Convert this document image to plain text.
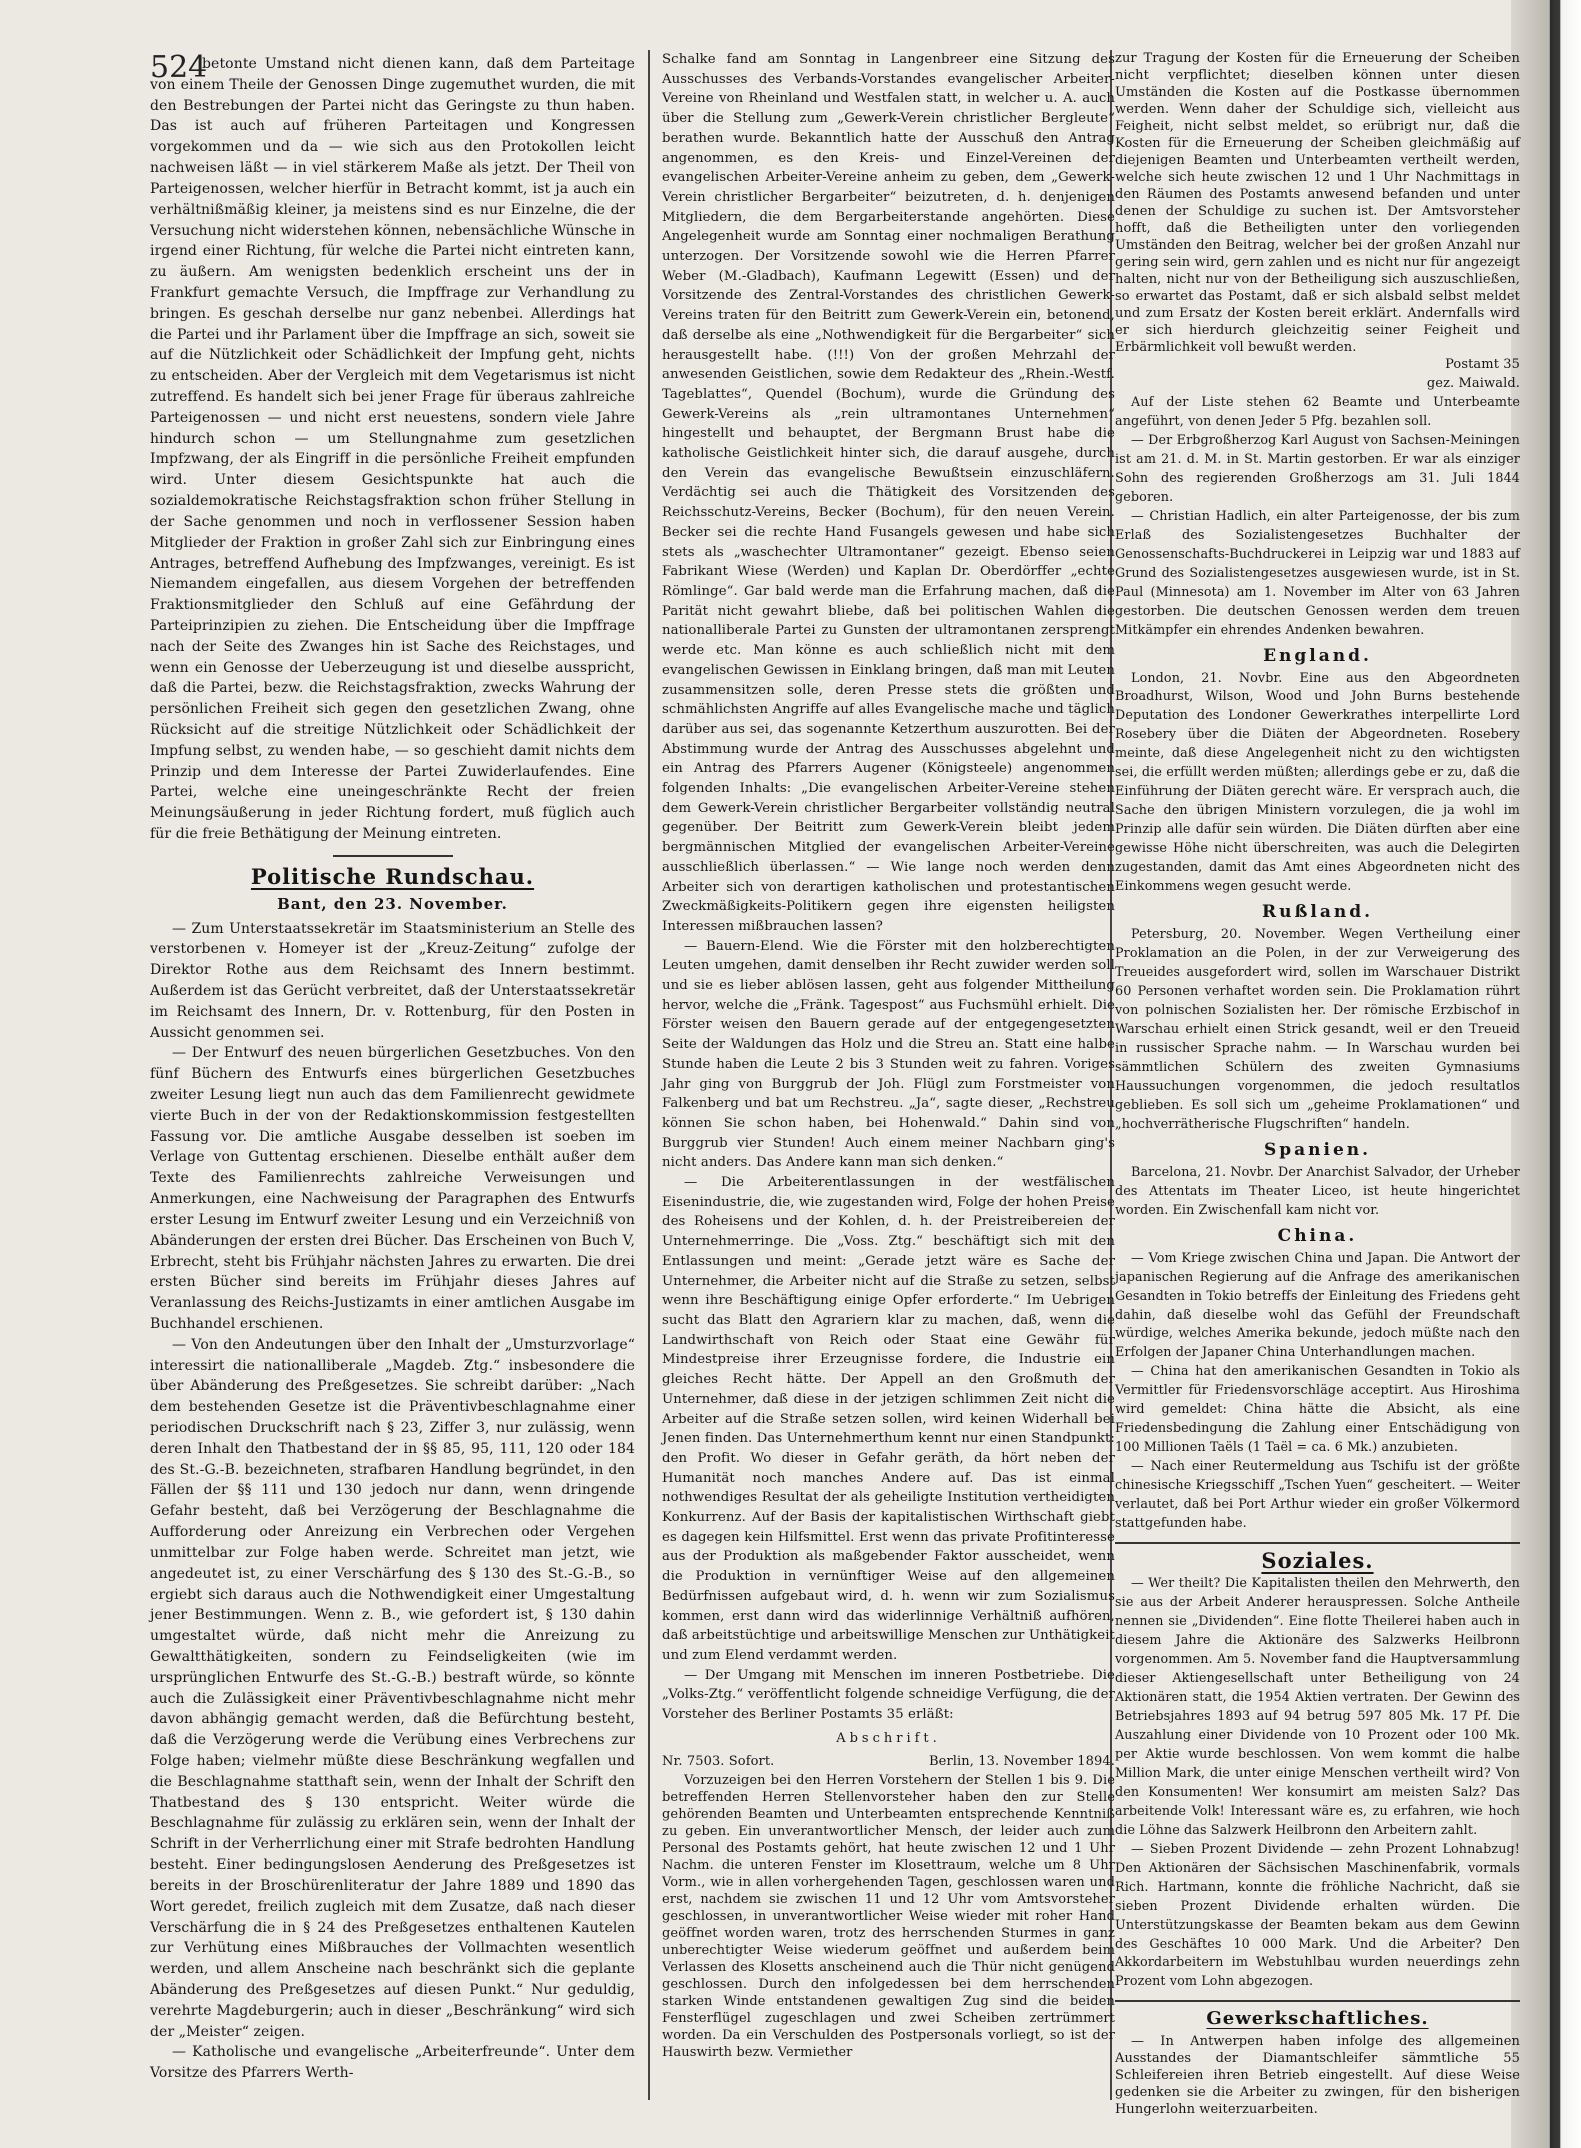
524

betonte Umstand nicht dienen kann, daß dem Parteitage von einem Theile der Genossen Dinge zugemuthet wurden, die mit den Bestrebungen der Partei nicht das Geringste zu thun haben. Das ist auch auf früheren Parteitagen und Kongressen vorgekommen und da — wie sich aus den Protokollen leicht nachweisen läßt — in viel stärkerem Maße als jetzt. Der Theil von Parteigenossen, welcher hierfür in Betracht kommt, ist ja auch ein verhältnißmäßig kleiner, ja meistens sind es nur Einzelne, die der Versuchung nicht widerstehen können, nebensächliche Wünsche in irgend einer Richtung, für welche die Partei nicht eintreten kann, zu äußern. Am wenigsten bedenklich erscheint uns der in Frankfurt gemachte Versuch, die Impffrage zur Verhandlung zu bringen. Es geschah derselbe nur ganz nebenbei. Allerdings hat die Partei und ihr Parlament über die Impffrage an sich, soweit sie auf die Nützlichkeit oder Schädlichkeit der Impfung geht, nichts zu entscheiden. Aber der Vergleich mit dem Vegetarismus ist nicht zutreffend. Es handelt sich bei jener Frage für überaus zahlreiche Parteigenossen — und nicht erst neuestens, sondern viele Jahre hindurch schon — um Stellungnahme zum gesetzlichen Impfzwang, der als Eingriff in die persönliche Freiheit empfunden wird. Unter diesem Gesichtspunkte hat auch die sozialdemokratische Reichstagsfraktion schon früher Stellung in der Sache genommen und noch in verflossener Session haben Mitglieder der Fraktion in großer Zahl sich zur Einbringung eines Antrages, betreffend Aufhebung des Impfzwanges, vereinigt. Es ist Niemandem eingefallen, aus diesem Vorgehen der betreffenden Fraktionsmitglieder den Schluß auf eine Gefährdung der Parteiprinzipien zu ziehen. Die Entscheidung über die Impffrage nach der Seite des Zwanges hin ist Sache des Reichstages, und wenn ein Genosse der Ueberzeugung ist und dieselbe ausspricht, daß die Partei, bezw. die Reichstagsfraktion, zwecks Wahrung der persönlichen Freiheit sich gegen den gesetzlichen Zwang, ohne Rücksicht auf die streitige Nützlichkeit oder Schädlichkeit der Impfung selbst, zu wenden habe, — so geschieht damit nichts dem Prinzip und dem Interesse der Partei Zuwiderlaufendes. Eine Partei, welche eine uneingeschränkte Recht der freien Meinungsäußerung in jeder Richtung fordert, muß füglich auch für die freie Bethätigung der Meinung eintreten.

Politische Rundschau.
Bant, den 23. November.

— Zum Unterstaatssekretär im Staatsministerium an Stelle des verstorbenen v. Homeyer ist der „Kreuz-Zeitung“ zufolge der Direktor Rothe aus dem Reichsamt des Innern bestimmt. Außerdem ist das Gerücht verbreitet, daß der Unterstaatssekretär im Reichsamt des Innern, Dr. v. Rottenburg, für den Posten in Aussicht genommen sei.

— Der Entwurf des neuen bürgerlichen Gesetzbuches. Von den fünf Büchern des Entwurfs eines bürgerlichen Gesetzbuches zweiter Lesung liegt nun auch das dem Familienrecht gewidmete vierte Buch in der von der Redaktionskommission festgestellten Fassung vor. Die amtliche Ausgabe desselben ist soeben im Verlage von Guttentag erschienen. Dieselbe enthält außer dem Texte des Familienrechts zahlreiche Verweisungen und Anmerkungen, eine Nachweisung der Paragraphen des Entwurfs erster Lesung im Entwurf zweiter Lesung und ein Verzeichniß von Abänderungen der ersten drei Bücher. Das Erscheinen von Buch V, Erbrecht, steht bis Frühjahr nächsten Jahres zu erwarten. Die drei ersten Bücher sind bereits im Frühjahr dieses Jahres auf Veranlassung des Reichs-Justizamts in einer amtlichen Ausgabe im Buchhandel erschienen.

— Von den Andeutungen über den Inhalt der „Umsturzvorlage“ interessirt die nationalliberale „Magdeb. Ztg.“ insbesondere die über Abänderung des Preßgesetzes. Sie schreibt darüber: „Nach dem bestehenden Gesetze ist die Präventivbeschlagnahme einer periodischen Druckschrift nach § 23, Ziffer 3, nur zulässig, wenn deren Inhalt den Thatbestand der in §§ 85, 95, 111, 120 oder 184 des St.-G.-B. bezeichneten, strafbaren Handlung begründet, in den Fällen der §§ 111 und 130 jedoch nur dann, wenn dringende Gefahr besteht, daß bei Verzögerung der Beschlagnahme die Aufforderung oder Anreizung ein Verbrechen oder Vergehen unmittelbar zur Folge haben werde. Schreitet man jetzt, wie angedeutet ist, zu einer Verschärfung des § 130 des St.-G.-B., so ergiebt sich daraus auch die Nothwendigkeit einer Umgestaltung jener Bestimmungen. Wenn z. B., wie gefordert ist, § 130 dahin umgestaltet würde, daß nicht mehr die Anreizung zu Gewaltthätigkeiten, sondern zu Feindseligkeiten (wie im ursprünglichen Entwurfe des St.-G.-B.) bestraft würde, so könnte auch die Zulässigkeit einer Präventivbeschlagnahme nicht mehr davon abhängig gemacht werden, daß die Befürchtung besteht, daß die Verzögerung werde die Verübung eines Verbrechens zur Folge haben; vielmehr müßte diese Beschränkung wegfallen und die Beschlagnahme statthaft sein, wenn der Inhalt der Schrift den Thatbestand des § 130 entspricht. Weiter würde die Beschlagnahme für zulässig zu erklären sein, wenn der Inhalt der Schrift in der Verherrlichung einer mit Strafe bedrohten Handlung besteht. Einer bedingungslosen Aenderung des Preßgesetzes ist bereits in der Broschürenliteratur der Jahre 1889 und 1890 das Wort geredet, freilich zugleich mit dem Zusatze, daß nach dieser Verschärfung die in § 24 des Preßgesetzes enthaltenen Kautelen zur Verhütung eines Mißbrauches der Vollmachten wesentlich werden, und allem Anscheine nach beschränkt sich die geplante Abänderung des Preßgesetzes auf diesen Punkt.“ Nur geduldig, verehrte Magdeburgerin; auch in dieser „Beschränkung“ wird sich der „Meister“ zeigen.

— Katholische und evangelische „Arbeiterfreunde“. Unter dem Vorsitze des Pfarrers Werth-

Schalke fand am Sonntag in Langenbreer eine Sitzung des Ausschusses des Verbands-Vorstandes evangelischer Arbeiter-Vereine von Rheinland und Westfalen statt, in welcher u. A. auch über die Stellung zum „Gewerk-Verein christlicher Bergleute“ berathen wurde. Bekanntlich hatte der Ausschuß den Antrag angenommen, es den Kreis- und Einzel-Vereinen der evangelischen Arbeiter-Vereine anheim zu geben, dem „Gewerk-Verein christlicher Bergarbeiter“ beizutreten, d. h. denjenigen Mitgliedern, die dem Bergarbeiterstande angehörten. Diese Angelegenheit wurde am Sonntag einer nochmaligen Berathung unterzogen. Der Vorsitzende sowohl wie die Herren Pfarrer Weber (M.-Gladbach), Kaufmann Legewitt (Essen) und der Vorsitzende des Zentral-Vorstandes des christlichen Gewerk-Vereins traten für den Beitritt zum Gewerk-Verein ein, betonend, daß derselbe als eine „Nothwendigkeit für die Bergarbeiter“ sich herausgestellt habe. (!!!) Von der großen Mehrzahl der anwesenden Geistlichen, sowie dem Redakteur des „Rhein.-Westf. Tageblattes“, Quendel (Bochum), wurde die Gründung des Gewerk-Vereins als „rein ultramontanes Unternehmen“ hingestellt und behauptet, der Bergmann Brust habe die katholische Geistlichkeit hinter sich, die darauf ausgehe, durch den Verein das evangelische Bewußtsein einzuschläfern. Verdächtig sei auch die Thätigkeit des Vorsitzenden des Reichsschutz-Vereins, Becker (Bochum), für den neuen Verein. Becker sei die rechte Hand Fusangels gewesen und habe sich stets als „waschechter Ultramontaner“ gezeigt. Ebenso seien Fabrikant Wiese (Werden) und Kaplan Dr. Oberdörffer „echte Römlinge“. Gar bald werde man die Erfahrung machen, daß die Parität nicht gewahrt bliebe, daß bei politischen Wahlen die nationalliberale Partei zu Gunsten der ultramontanen zersprengt werde etc. Man könne es auch schließlich nicht mit dem evangelischen Gewissen in Einklang bringen, daß man mit Leuten zusammensitzen solle, deren Presse stets die größten und schmählichsten Angriffe auf alles Evangelische mache und täglich darüber aus sei, das sogenannte Ketzerthum auszurotten. Bei der Abstimmung wurde der Antrag des Ausschusses abgelehnt und ein Antrag des Pfarrers Augener (Königsteele) angenommen folgenden Inhalts: „Die evangelischen Arbeiter-Vereine stehen dem Gewerk-Verein christlicher Bergarbeiter vollständig neutral gegenüber. Der Beitritt zum Gewerk-Verein bleibt jedem bergmännischen Mitglied der evangelischen Arbeiter-Vereine ausschließlich überlassen.“ — Wie lange noch werden denn Arbeiter sich von derartigen katholischen und protestantischen Zweckmäßigkeits-Politikern gegen ihre eigensten heiligsten Interessen mißbrauchen lassen?

— Bauern-Elend. Wie die Förster mit den holzberechtigten Leuten umgehen, damit denselben ihr Recht zuwider werden soll und sie es lieber ablösen lassen, geht aus folgender Mittheilung hervor, welche die „Fränk. Tagespost“ aus Fuchsmühl erhielt. Die Förster weisen den Bauern gerade auf der entgegengesetzten Seite der Waldungen das Holz und die Streu an. Statt eine halbe Stunde haben die Leute 2 bis 3 Stunden weit zu fahren. Voriges Jahr ging von Burggrub der Joh. Flügl zum Forstmeister von Falkenberg und bat um Rechstreu. „Ja“, sagte dieser, „Rechstreu können Sie schon haben, bei Hohenwald.“ Dahin sind von Burggrub vier Stunden! Auch einem meiner Nachbarn ging's nicht anders. Das Andere kann man sich denken.“

— Die Arbeiterentlassungen in der westfälischen Eisenindustrie, die, wie zugestanden wird, Folge der hohen Preise des Roheisens und der Kohlen, d. h. der Preistreibereien der Unternehmerringe. Die „Voss. Ztg.“ beschäftigt sich mit den Entlassungen und meint: „Gerade jetzt wäre es Sache der Unternehmer, die Arbeiter nicht auf die Straße zu setzen, selbst wenn ihre Beschäftigung einige Opfer erforderte.“ Im Uebrigen sucht das Blatt den Agrariern klar zu machen, daß, wenn die Landwirthschaft von Reich oder Staat eine Gewähr für Mindestpreise ihrer Erzeugnisse fordere, die Industrie ein gleiches Recht hätte. Der Appell an den Großmuth der Unternehmer, daß diese in der jetzigen schlimmen Zeit nicht die Arbeiter auf die Straße setzen sollen, wird keinen Widerhall bei Jenen finden. Das Unternehmerthum kennt nur einen Standpunkt: den Profit. Wo dieser in Gefahr geräth, da hört neben der Humanität noch manches Andere auf. Das ist einmal nothwendiges Resultat der als geheiligte Institution vertheidigten Konkurrenz. Auf der Basis der kapitalistischen Wirthschaft giebt es dagegen kein Hilfsmittel. Erst wenn das private Profitinteresse aus der Produktion als maßgebender Faktor ausscheidet, wenn die Produktion in vernünftiger Weise auf den allgemeinen Bedürfnissen aufgebaut wird, d. h. wenn wir zum Sozialismus kommen, erst dann wird das widerlinnige Verhältniß aufhören, daß arbeitstüchtige und arbeitswillige Menschen zur Unthätigkeit und zum Elend verdammt werden.

— Der Umgang mit Menschen im inneren Postbetriebe. Die „Volks-Ztg.“ veröffentlicht folgende schneidige Verfügung, die der Vorsteher des Berliner Postamts 35 erläßt:

Abschrift.
Nr. 7503. Sofort.	Berlin, 13. November 1894.

Vorzuzeigen bei den Herren Vorstehern der Stellen 1 bis 9. Die betreffenden Herren Stellenvorsteher haben den zur Stelle gehörenden Beamten und Unterbeamten entsprechende Kenntniß zu geben. Ein unverantwortlicher Mensch, der leider auch zum Personal des Postamts gehört, hat heute zwischen 12 und 1 Uhr Nachm. die unteren Fenster im Klosettraum, welche um 8 Uhr Vorm., wie in allen vorhergehenden Tagen, geschlossen waren und erst, nachdem sie zwischen 11 und 12 Uhr vom Amtsvorsteher geschlossen, in unverantwortlicher Weise wieder mit roher Hand geöffnet worden waren, trotz des herrschenden Sturmes in ganz unberechtigter Weise wiederum geöffnet und außerdem beim Verlassen des Klosetts anscheinend auch die Thür nicht genügend geschlossen. Durch den infolgedessen bei dem herrschenden starken Winde entstandenen gewaltigen Zug sind die beiden Fensterflügel zugeschlagen und zwei Scheiben zertrümmert worden. Da ein Verschulden des Postpersonals vorliegt, so ist der Hauswirth bezw. Vermiether

zur Tragung der Kosten für die Erneuerung der Scheiben nicht verpflichtet; dieselben können unter diesen Umständen die Kosten auf die Postkasse übernommen werden. Wenn daher der Schuldige sich, vielleicht aus Feigheit, nicht selbst meldet, so erübrigt nur, daß die Kosten für die Erneuerung der Scheiben gleichmäßig auf diejenigen Beamten und Unterbeamten vertheilt werden, welche sich heute zwischen 12 und 1 Uhr Nachmittags in den Räumen des Postamts anwesend befanden und unter denen der Schuldige zu suchen ist. Der Amtsvorsteher hofft, daß die Betheiligten unter den vorliegenden Umständen den Beitrag, welcher bei der großen Anzahl nur gering sein wird, gern zahlen und es nicht nur für angezeigt halten, nicht nur von der Betheiligung sich auszuschließen, so erwartet das Postamt, daß er sich alsbald selbst meldet und zum Ersatz der Kosten bereit erklärt. Andernfalls wird er sich hierdurch gleichzeitig seiner Feigheit und Erbärmlichkeit voll bewußt werden.

Postamt 35
gez. Maiwald.

Auf der Liste stehen 62 Beamte und Unterbeamte angeführt, von denen Jeder 5 Pfg. bezahlen soll.

— Der Erbgroßherzog Karl August von Sachsen-Meiningen ist am 21. d. M. in St. Martin gestorben. Er war als einziger Sohn des regierenden Großherzogs am 31. Juli 1844 geboren.

— Christian Hadlich, ein alter Parteigenosse, der bis zum Erlaß des Sozialistengesetzes Buchhalter der Genossenschafts-Buchdruckerei in Leipzig war und 1883 auf Grund des Sozialistengesetzes ausgewiesen wurde, ist in St. Paul (Minnesota) am 1. November im Alter von 63 Jahren gestorben. Die deutschen Genossen werden dem treuen Mitkämpfer ein ehrendes Andenken bewahren.

England.

London, 21. Novbr. Eine aus den Abgeordneten Broadhurst, Wilson, Wood und John Burns bestehende Deputation des Londoner Gewerkrathes interpellirte Lord Rosebery über die Diäten der Abgeordneten. Rosebery meinte, daß diese Angelegenheit nicht zu den wichtigsten sei, die erfüllt werden müßten; allerdings gebe er zu, daß die Einführung der Diäten gerecht wäre. Er versprach auch, die Sache den übrigen Ministern vorzulegen, die ja wohl im Prinzip alle dafür sein würden. Die Diäten dürften aber eine gewisse Höhe nicht überschreiten, was auch die Delegirten zugestanden, damit das Amt eines Abgeordneten nicht des Einkommens wegen gesucht werde.

Rußland.

Petersburg, 20. November. Wegen Vertheilung einer Proklamation an die Polen, in der zur Verweigerung des Treueides ausgefordert wird, sollen im Warschauer Distrikt 60 Personen verhaftet worden sein. Die Proklamation rührt von polnischen Sozialisten her. Der römische Erzbischof in Warschau erhielt einen Strick gesandt, weil er den Treueid in russischer Sprache nahm. — In Warschau wurden bei sämmtlichen Schülern des zweiten Gymnasiums Haussuchungen vorgenommen, die jedoch resultatlos geblieben. Es soll sich um „geheime Proklamationen“ und „hochverrätherische Flugschriften“ handeln.

Spanien.

Barcelona, 21. Novbr. Der Anarchist Salvador, der Urheber des Attentats im Theater Liceo, ist heute hingerichtet worden. Ein Zwischenfall kam nicht vor.

China.

— Vom Kriege zwischen China und Japan. Die Antwort der japanischen Regierung auf die Anfrage des amerikanischen Gesandten in Tokio betreffs der Einleitung des Friedens geht dahin, daß dieselbe wohl das Gefühl der Freundschaft würdige, welches Amerika bekunde, jedoch müßte nach den Erfolgen der Japaner China Unterhandlungen machen.

— China hat den amerikanischen Gesandten in Tokio als Vermittler für Friedensvorschläge acceptirt. Aus Hiroshima wird gemeldet: China hätte die Absicht, als eine Friedensbedingung die Zahlung einer Entschädigung von 100 Millionen Taëls (1 Taël = ca. 6 Mk.) anzubieten.

— Nach einer Reutermeldung aus Tschifu ist der größte chinesische Kriegsschiff „Tschen Yuen“ gescheitert. — Weiter verlautet, daß bei Port Arthur wieder ein großer Völkermord stattgefunden habe.

Soziales.

— Wer theilt? Die Kapitalisten theilen den Mehrwerth, den sie aus der Arbeit Anderer herauspressen. Solche Antheile nennen sie „Dividenden“. Eine flotte Theilerei haben auch in diesem Jahre die Aktionäre des Salzwerks Heilbronn vorgenommen. Am 5. November fand die Hauptversammlung dieser Aktiengesellschaft unter Betheiligung von 24 Aktionären statt, die 1954 Aktien vertraten. Der Gewinn des Betriebsjahres 1893 auf 94 betrug 597 805 Mk. 17 Pf. Die Auszahlung einer Dividende von 10 Prozent oder 100 Mk. per Aktie wurde beschlossen. Von wem kommt die halbe Million Mark, die unter einige Menschen vertheilt wird? Von den Konsumenten! Wer konsumirt am meisten Salz? Das arbeitende Volk! Interessant wäre es, zu erfahren, wie hoch die Löhne das Salzwerk Heilbronn den Arbeitern zahlt.

— Sieben Prozent Dividende — zehn Prozent Lohnabzug! Den Aktionären der Sächsischen Maschinenfabrik, vormals Rich. Hartmann, konnte die fröhliche Nachricht, daß sie sieben Prozent Dividende erhalten würden. Die Unterstützungskasse der Beamten bekam aus dem Gewinn des Geschäftes 10 000 Mark. Und die Arbeiter? Den Akkordarbeitern im Webstuhlbau wurden neuerdings zehn Prozent vom Lohn abgezogen.

Gewerkschaftliches.

— In Antwerpen haben infolge des allgemeinen Ausstandes der Diamantschleifer sämmtliche 55 Schleifereien ihren Betrieb eingestellt. Auf diese Weise gedenken sie die Arbeiter zu zwingen, für den bisherigen Hungerlohn weiterzuarbeiten.
